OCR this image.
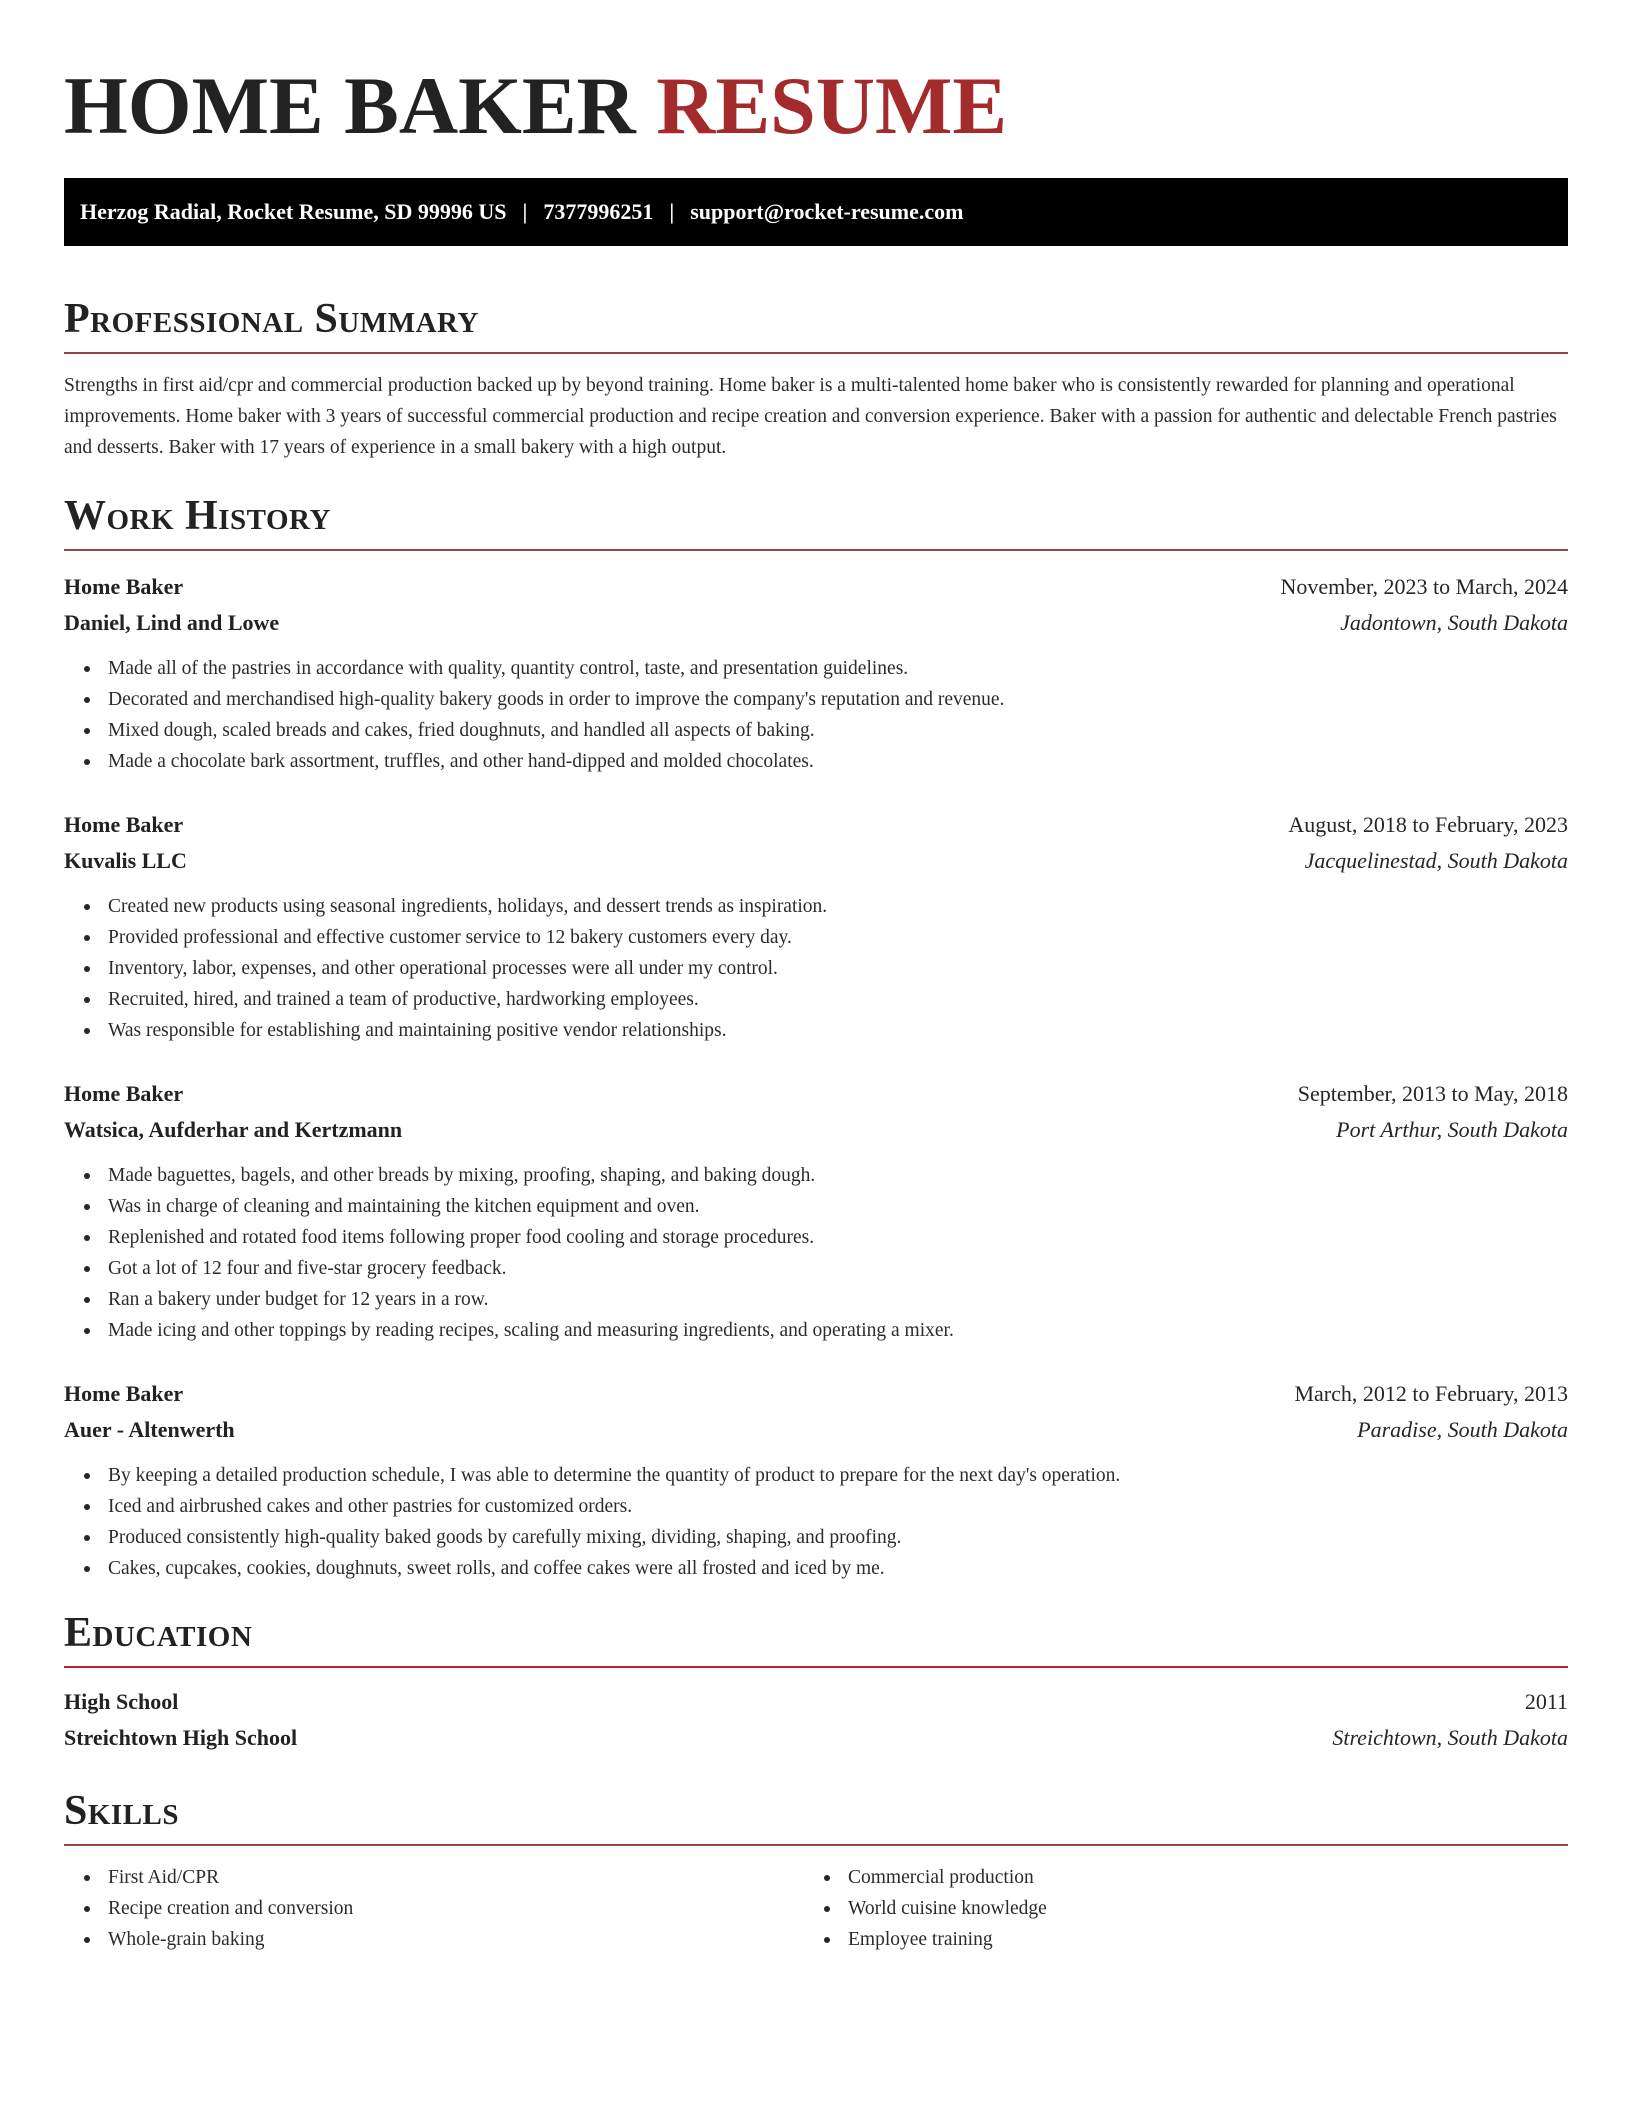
HOME BAKER RESUME
Herzog Radial, Rocket Resume, SD 99996 US | 7377996251 | support@rocket-resume.com
Professional Summary

Strengths in first aid/cpr and commercial production backed up by beyond training. Home baker is a multi-talented home baker who is consistently rewarded for planning and operational improvements. Home baker with 3 years of successful commercial production and recipe creation and conversion experience. Baker with a passion for authentic and delectable French pastries and desserts. Baker with 17 years of experience in a small bakery with a high output.

Work History
Home Baker	November, 2023 to March, 2024
Daniel, Lind and Lowe	Jadontown, South Dakota
Made all of the pastries in accordance with quality, quantity control, taste, and presentation guidelines.
Decorated and merchandised high-quality bakery goods in order to improve the company's reputation and revenue.
Mixed dough, scaled breads and cakes, fried doughnuts, and handled all aspects of baking.
Made a chocolate bark assortment, truffles, and other hand-dipped and molded chocolates.
Home Baker	August, 2018 to February, 2023
Kuvalis LLC	Jacquelinestad, South Dakota
Created new products using seasonal ingredients, holidays, and dessert trends as inspiration.
Provided professional and effective customer service to 12 bakery customers every day.
Inventory, labor, expenses, and other operational processes were all under my control.
Recruited, hired, and trained a team of productive, hardworking employees.
Was responsible for establishing and maintaining positive vendor relationships.
Home Baker	September, 2013 to May, 2018
Watsica, Aufderhar and Kertzmann	Port Arthur, South Dakota
Made baguettes, bagels, and other breads by mixing, proofing, shaping, and baking dough.
Was in charge of cleaning and maintaining the kitchen equipment and oven.
Replenished and rotated food items following proper food cooling and storage procedures.
Got a lot of 12 four and five-star grocery feedback.
Ran a bakery under budget for 12 years in a row.
Made icing and other toppings by reading recipes, scaling and measuring ingredients, and operating a mixer.
Home Baker	March, 2012 to February, 2013
Auer - Altenwerth	Paradise, South Dakota
By keeping a detailed production schedule, I was able to determine the quantity of product to prepare for the next day's operation.
Iced and airbrushed cakes and other pastries for customized orders.
Produced consistently high-quality baked goods by carefully mixing, dividing, shaping, and proofing.
Cakes, cupcakes, cookies, doughnuts, sweet rolls, and coffee cakes were all frosted and iced by me.
Education
High School	2011
Streichtown High School	Streichtown, South Dakota
Skills
First Aid/CPR
Recipe creation and conversion
Whole-grain baking
Commercial production
World cuisine knowledge
Employee training
